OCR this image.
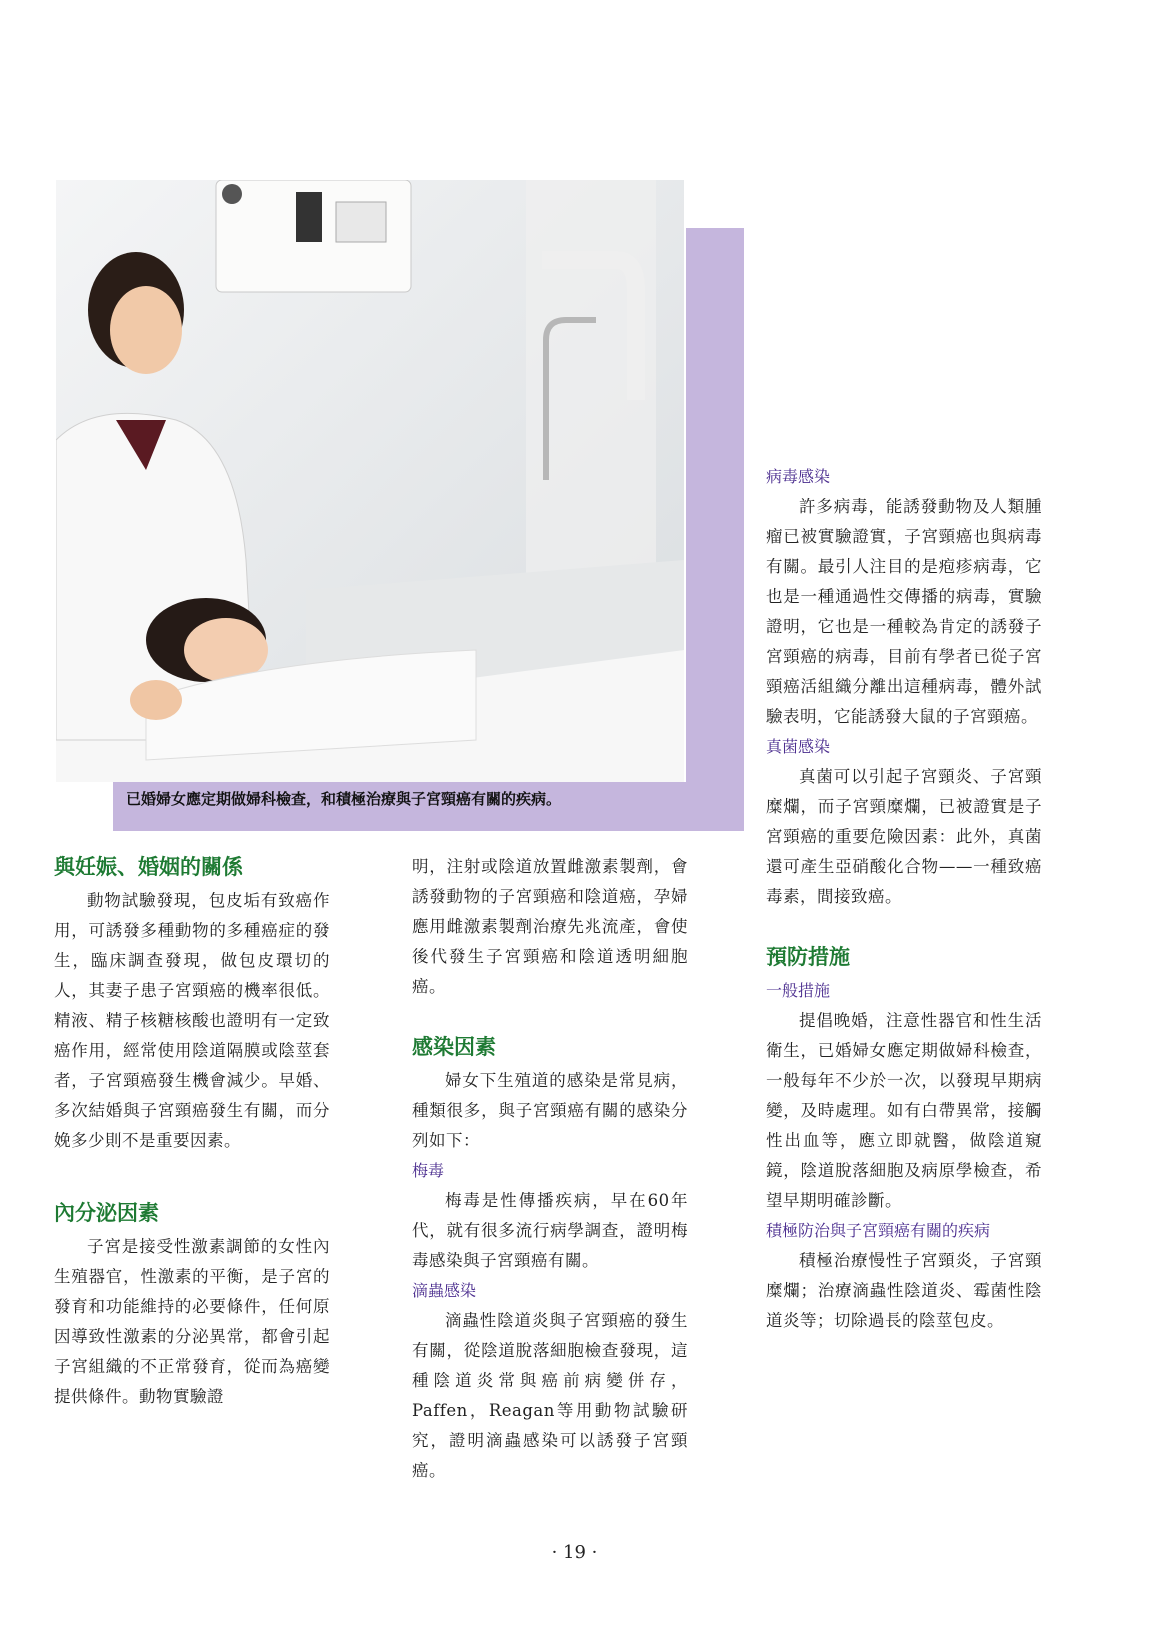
已婚婦女應定期做婦科檢查，和積極治療與子宮頸癌有關的疾病。
與妊娠、婚姻的關係

動物試驗發現，包皮垢有致癌作用，可誘發多種動物的多種癌症的發生，臨床調查發現，做包皮環切的人，其妻子患子宮頸癌的機率很低。精液、精子核糖核酸也證明有一定致癌作用，經常使用陰道隔膜或陰莖套者，子宮頸癌發生機會減少。早婚、多次結婚與子宮頸癌發生有關，而分娩多少則不是重要因素。

內分泌因素

子宮是接受性激素調節的女性內生殖器官，性激素的平衡，是子宮的發育和功能維持的必要條件，任何原因導致性激素的分泌異常，都會引起子宮組織的不正常發育，從而為癌變提供條件。動物實驗證

明，注射或陰道放置雌激素製劑，會誘發動物的子宮頸癌和陰道癌，孕婦應用雌激素製劑治療先兆流產，會使後代發生子宮頸癌和陰道透明細胞癌。

感染因素

婦女下生殖道的感染是常見病，種類很多，與子宮頸癌有關的感染分列如下：

梅毒

梅毒是性傳播疾病，早在60年代，就有很多流行病學調查，證明梅毒感染與子宮頸癌有關。

滴蟲感染

滴蟲性陰道炎與子宮頸癌的發生有關，從陰道脫落細胞檢查發現，這種陰道炎常與癌前病變併存，Paffen，Reagan等用動物試驗研究，證明滴蟲感染可以誘發子宮頸癌。

病毒感染

許多病毒，能誘發動物及人類腫瘤已被實驗證實，子宮頸癌也與病毒有關。最引人注目的是疱疹病毒，它也是一種通過性交傳播的病毒，實驗證明，它也是一種較為肯定的誘發子宮頸癌的病毒，目前有學者已從子宮頸癌活組織分離出這種病毒，體外試驗表明，它能誘發大鼠的子宮頸癌。

真菌感染

真菌可以引起子宮頸炎、子宮頸糜爛，而子宮頸糜爛，已被證實是子宮頸癌的重要危險因素：此外，真菌還可產生亞硝酸化合物——一種致癌毒素，間接致癌。

預防措施
一般措施

提倡晚婚，注意性器官和性生活衛生，已婚婦女應定期做婦科檢查，一般每年不少於一次，以發現早期病變，及時處理。如有白帶異常，接觸性出血等，應立即就醫，做陰道窺鏡，陰道脫落細胞及病原學檢查，希望早期明確診斷。

積極防治與子宮頸癌有關的疾病

積極治療慢性子宮頸炎，子宮頸糜爛；治療滴蟲性陰道炎、霉菌性陰道炎等；切除過長的陰莖包皮。

· 19 ·
